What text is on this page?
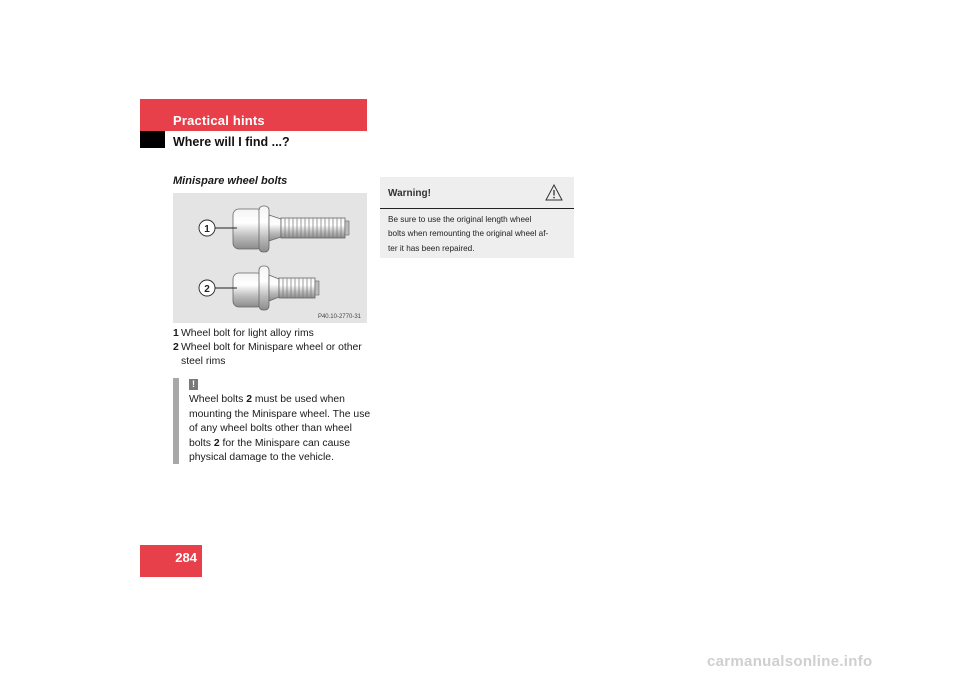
Practical hints
Where will I find ...?
Minispare wheel bolts
1
2
P40.10-2770-31
1 Wheel bolt for light alloy rims
2 Wheel bolt for Minispare wheel or other steel rims
!
Wheel bolts 2 must be used when mounting the Minispare wheel. The use of any wheel bolts other than wheel bolts 2 for the Minispare can cause physical damage to the vehicle.
Warning!
Be sure to use the original length wheel
bolts when remounting the original wheel af-
ter it has been repaired.
284
carmanualsonline.info
